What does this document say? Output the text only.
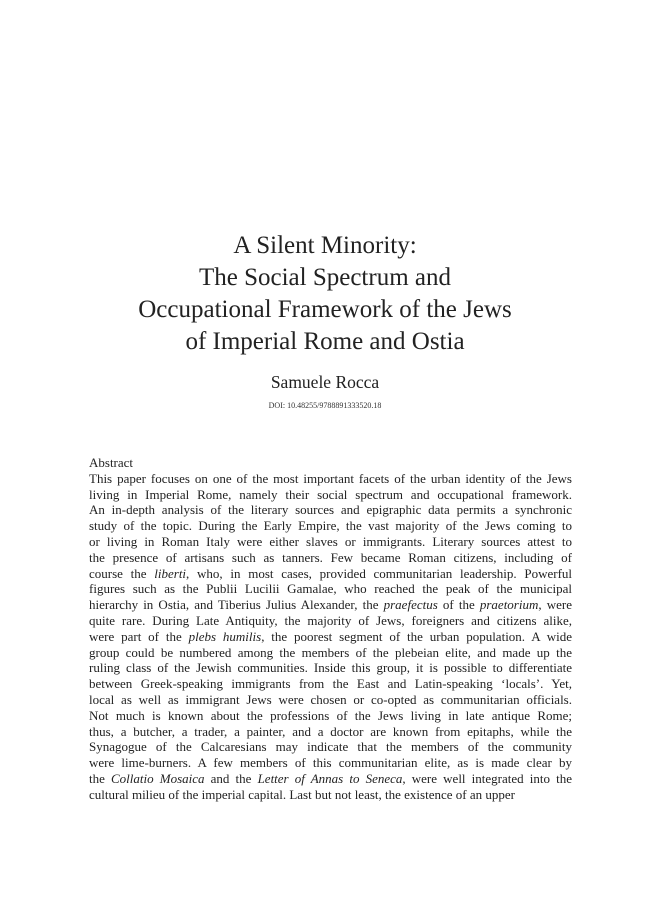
A Silent Minority:
The Social Spectrum and
Occupational Framework of the Jews
of Imperial Rome and Ostia
Samuele Rocca
DOI: 10.48255/9788891333520.18
Abstract
This paper focuses on one of the most important facets of the urban identity of the Jews
living in Imperial Rome, namely their social spectrum and occupational framework.
An in-depth analysis of the literary sources and epigraphic data permits a synchronic
study of the topic. During the Early Empire, the vast majority of the Jews coming to
or living in Roman Italy were either slaves or immigrants. Literary sources attest to
the presence of artisans such as tanners. Few became Roman citizens, including of
course the liberti, who, in most cases, provided communitarian leadership. Powerful
figures such as the Publii Lucilii Gamalae, who reached the peak of the municipal
hierarchy in Ostia, and Tiberius Julius Alexander, the praefectus of the praetorium, were
quite rare. During Late Antiquity, the majority of Jews, foreigners and citizens alike,
were part of the plebs humilis, the poorest segment of the urban population. A wide
group could be numbered among the members of the plebeian elite, and made up the
ruling class of the Jewish communities. Inside this group, it is possible to differentiate
between Greek-speaking immigrants from the East and Latin-speaking ‘locals’. Yet,
local as well as immigrant Jews were chosen or co-opted as communitarian officials.
Not much is known about the professions of the Jews living in late antique Rome;
thus, a butcher, a trader, a painter, and a doctor are known from epitaphs, while the
Synagogue of the Calcaresians may indicate that the members of the community
were lime-burners. A few members of this communitarian elite, as is made clear by
the Collatio Mosaica and the Letter of Annas to Seneca, were well integrated into the
cultural milieu of the imperial capital. Last but not least, the existence of an upper
